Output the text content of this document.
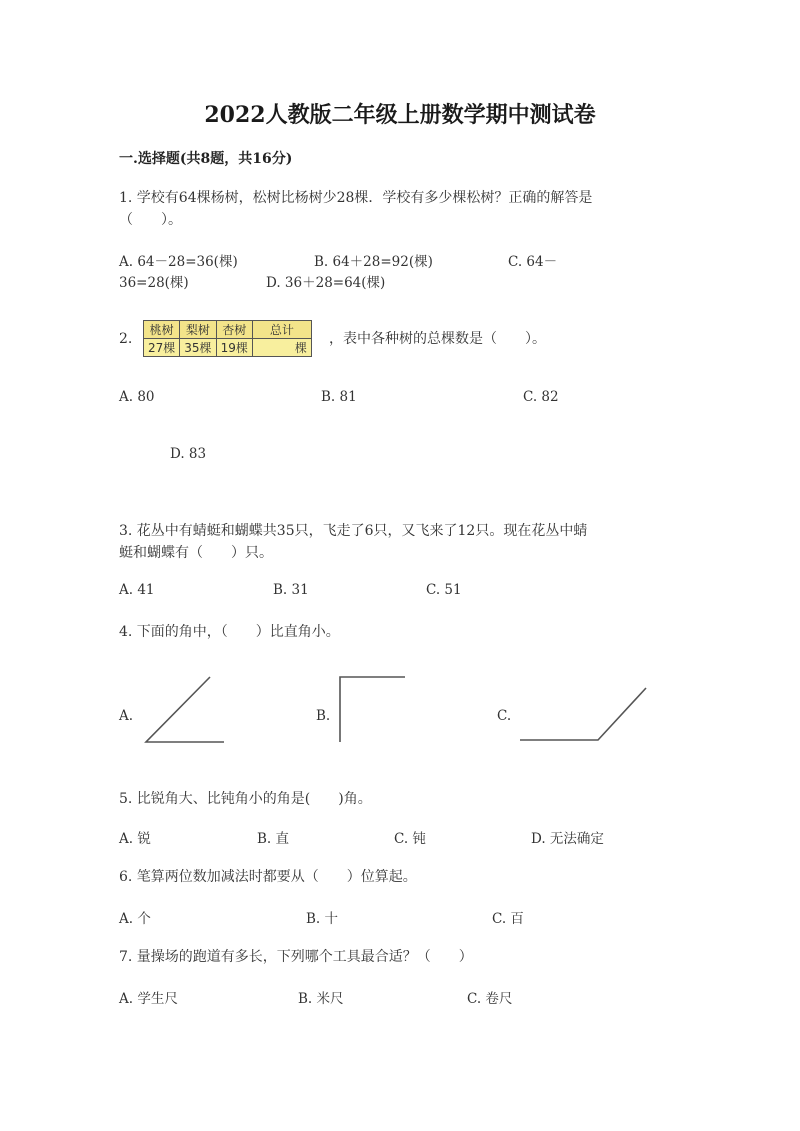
2022人教版二年级上册数学期中测试卷
一.选择题(共8题，共16分)
1. 学校有64棵杨树，松树比杨树少28棵．学校有多少棵松树？正确的解答是
（　　）。
A. 64－28=36(棵)	B. 64＋28=92(棵)	C. 64－
36=28(棵)	D. 36＋28=64(棵)
2.
桃树	梨树	杏树	总计
27棵	35棵	19棵	棵
，表中各种树的总棵数是（　　）。
A. 80	B. 81	C. 82
D. 83
3. 花丛中有蜻蜓和蝴蝶共35只，飞走了6只，又飞来了12只。现在花丛中蜻
蜓和蝴蝶有（　　）只。
A. 41	B. 31	C. 51
4. 下面的角中，（　　）比直角小。
A.	B.	C.
5. 比锐角大、比钝角小的角是(　　)角。
A. 锐	B. 直	C. 钝	D. 无法确定
6. 笔算两位数加减法时都要从（　　）位算起。
A. 个	B. 十	C. 百
7. 量操场的跑道有多长，下列哪个工具最合适？（　　）
A. 学生尺	B. 米尺	C. 卷尺
